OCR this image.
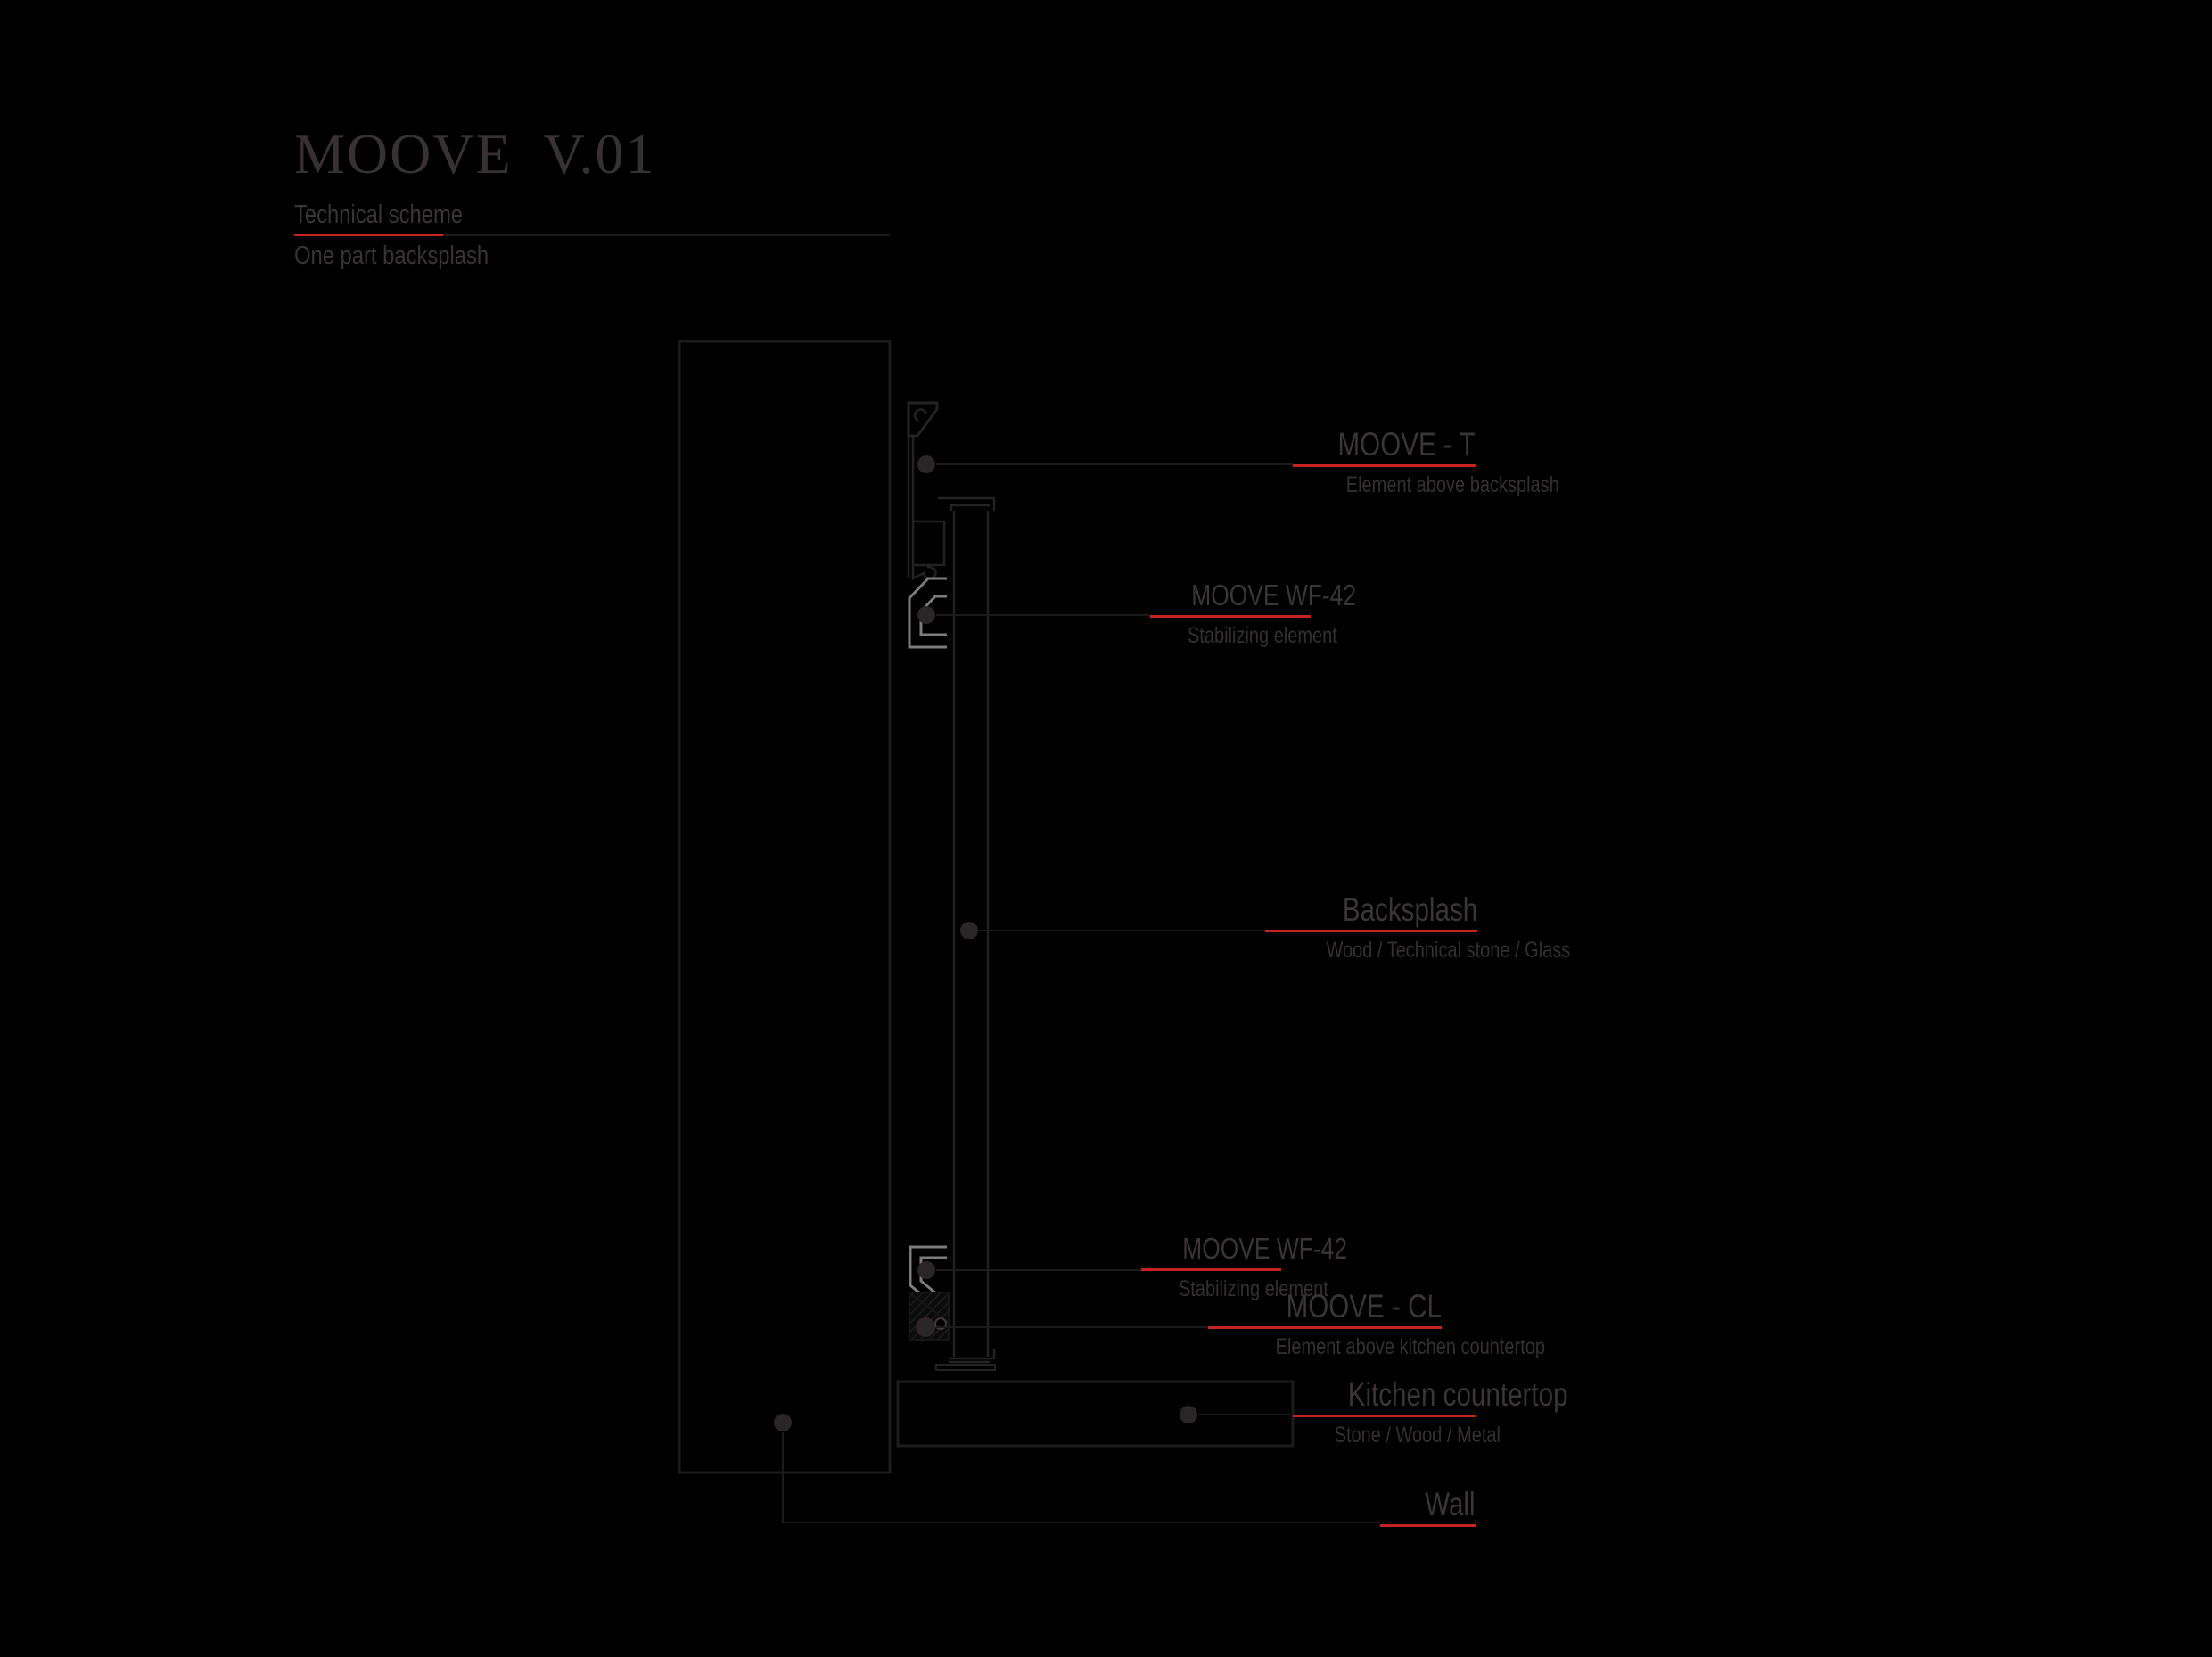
MOOVE  V.01
Technical scheme
One part backsplash
MOOVE - T
Element above backsplash
MOOVE WF-42
Stabilizing element
Backsplash
Wood / Technical stone / Glass
MOOVE WF-42
Stabilizing element
MOOVE - CL
Element above kitchen countertop
Kitchen countertop
Stone / Wood / Metal
Wall
